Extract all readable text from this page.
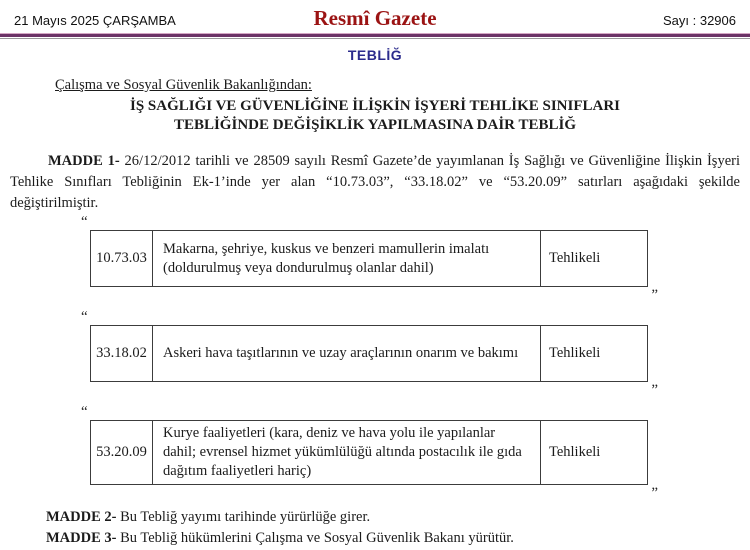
21 Mayıs 2025 ÇARŞAMBA	Resmî Gazete	Sayı : 32906
TEBLİĞ
Çalışma ve Sosyal Güvenlik Bakanlığından:
İŞ SAĞLIĞI VE GÜVENLİĞİNE İLİŞKİN İŞYERİ TEHLİKE SINIFLARI
TEBLİĞİNDE DEĞİŞİKLİK YAPILMASINA DAİR TEBLİĞ

MADDE 1- 26/12/2012 tarihli ve 28509 sayılı Resmî Gazete’de yayımlanan İş Sağlığı ve Güvenliğine İlişkin İşyeri Tehlike Sınıfları Tebliğinin Ek-1’inde yer alan “10.73.03”, “33.18.02” ve “53.20.09” satırları aşağıdaki şekilde değiştirilmiştir.

“
10.73.03	Makarna, şehriye, kuskus ve benzeri mamullerin imalatı (doldurulmuş veya dondurulmuş olanlar dahil)	Tehlikeli
”
“
33.18.02	Askeri hava taşıtlarının ve uzay araçlarının onarım ve bakımı	Tehlikeli
”
“
53.20.09	Kurye faaliyetleri (kara, deniz ve hava yolu ile yapılanlar dahil; evrensel hizmet yükümlülüğü altında postacılık ile gıda dağıtım faaliyetleri hariç)	Tehlikeli
”

MADDE 2- Bu Tebliğ yayımı tarihinde yürürlüğe girer.

MADDE 3- Bu Tebliğ hükümlerini Çalışma ve Sosyal Güvenlik Bakanı yürütür.
